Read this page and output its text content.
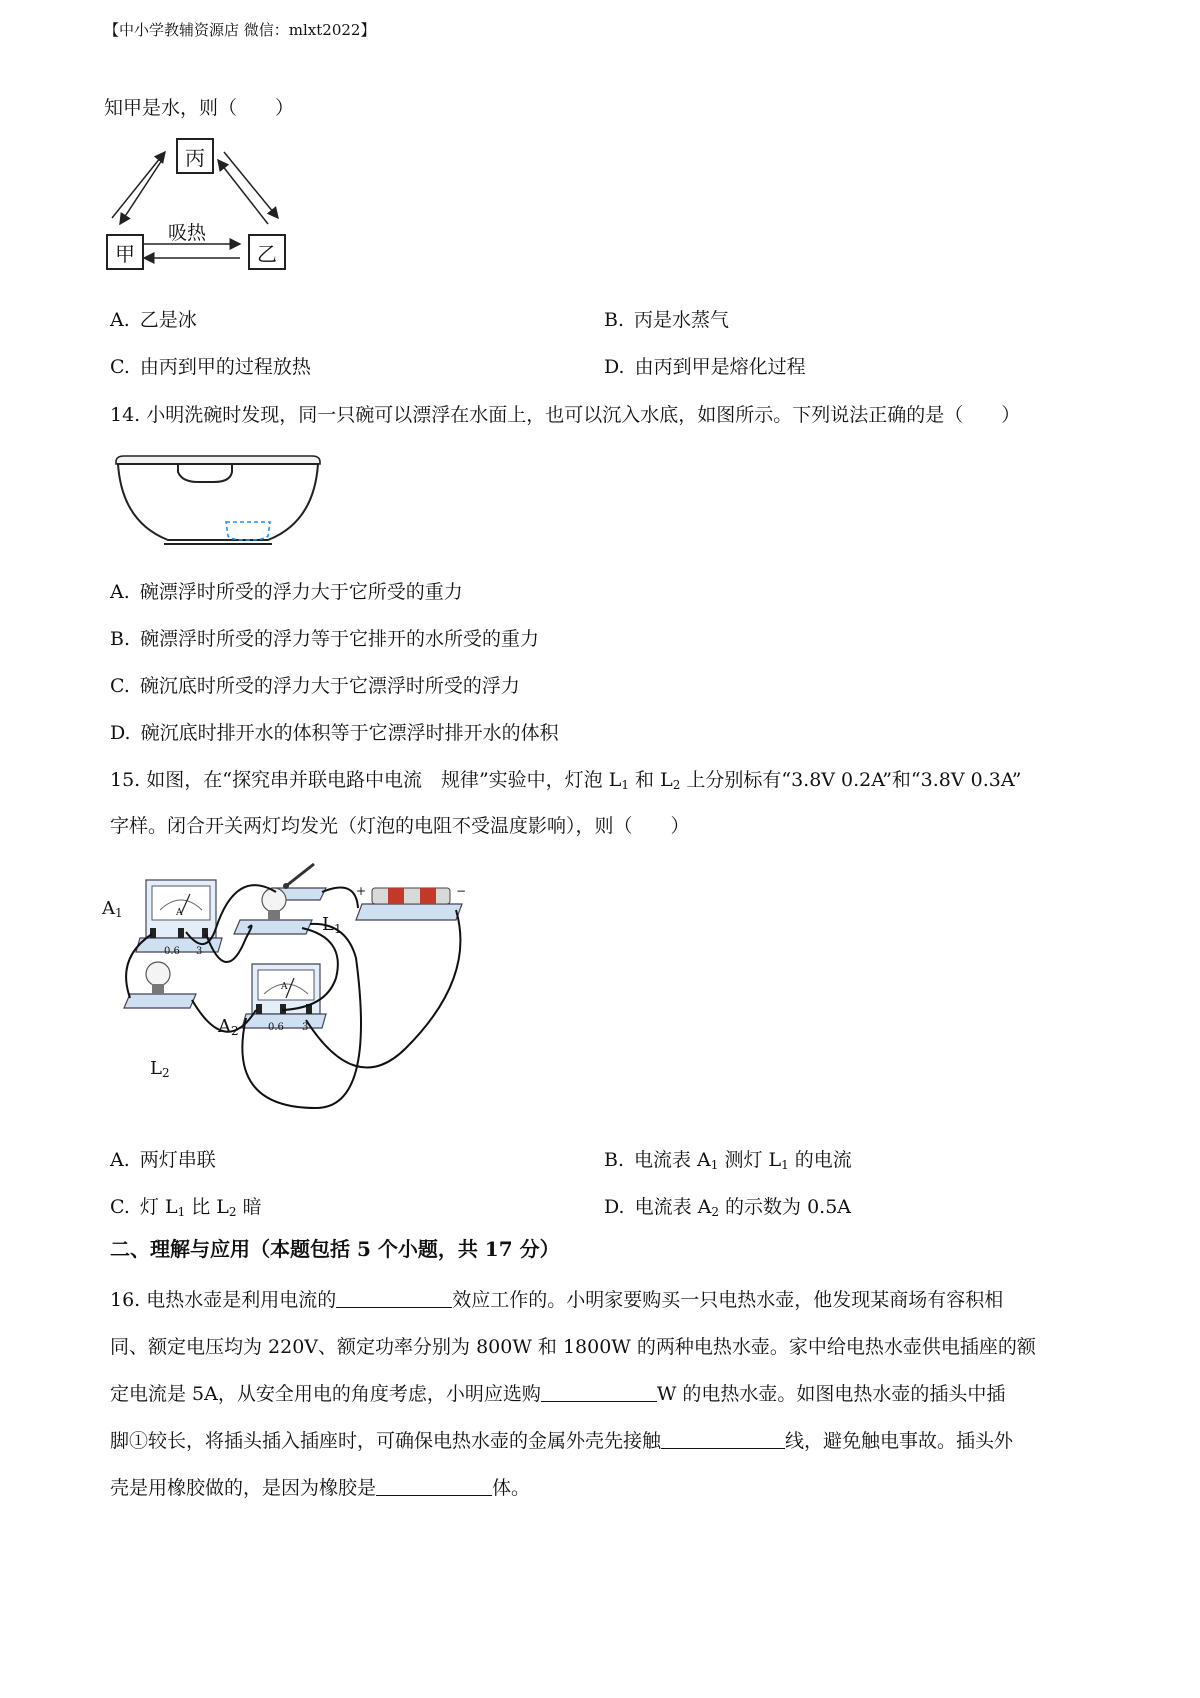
【中小学教辅资源店 微信：mlxt2022】
知甲是水，则（　　）
丙
甲	乙
吸热
A. 乙是冰	B. 丙是水蒸气
C. 由丙到甲的过程放热	D. 由丙到甲是熔化过程
14. 小明洗碗时发现，同一只碗可以漂浮在水面上，也可以沉入水底，如图所示。下列说法正确的是（　　）
A. 碗漂浮时所受的浮力大于它所受的重力
B. 碗漂浮时所受的浮力等于它排开的水所受的重力
C. 碗沉底时所受的浮力大于它漂浮时所受的浮力
D. 碗沉底时排开水的体积等于它漂浮时排开水的体积
15. 如图，在“探究串并联电路中电流　规律”实验中，灯泡 $L_1$ 和 $L_2$ 上分别标有“3.8V 0.2A”和“3.8V 0.3A”
字样。闭合开关两灯均发光（灯泡的电阻不受温度影响），则（　　）
$A_1$
$L_1$
$A_2$
$L_2$
0.6 3
A
0.6 3
A
+	−
A. 两灯串联	B. 电流表 $A_1$ 测灯 $L_1$ 的电流
C. 灯 $L_1$ 比 $L_2$ 暗	D. 电流表 $A_2$ 的示数为 0.5A
二、理解与应用（本题包括 5 个小题，共 17 分）
16. 电热水壶是利用电流的	效应工作的。小明家要购买一只电热水壶，他发现某商场有容积相
同、额定电压均为 220V、额定功率分别为 800W 和 1800W 的两种电热水壶。家中给电热水壶供电插座的额
定电流是 5A，从安全用电的角度考虑，小明应选购	W 的电热水壶。如图电热水壶的插头中插
脚①较长，将插头插入插座时，可确保电热水壶的金属外壳先接触	线，避免触电事故。插头外
壳是用橡胶做的，是因为橡胶是	体。
